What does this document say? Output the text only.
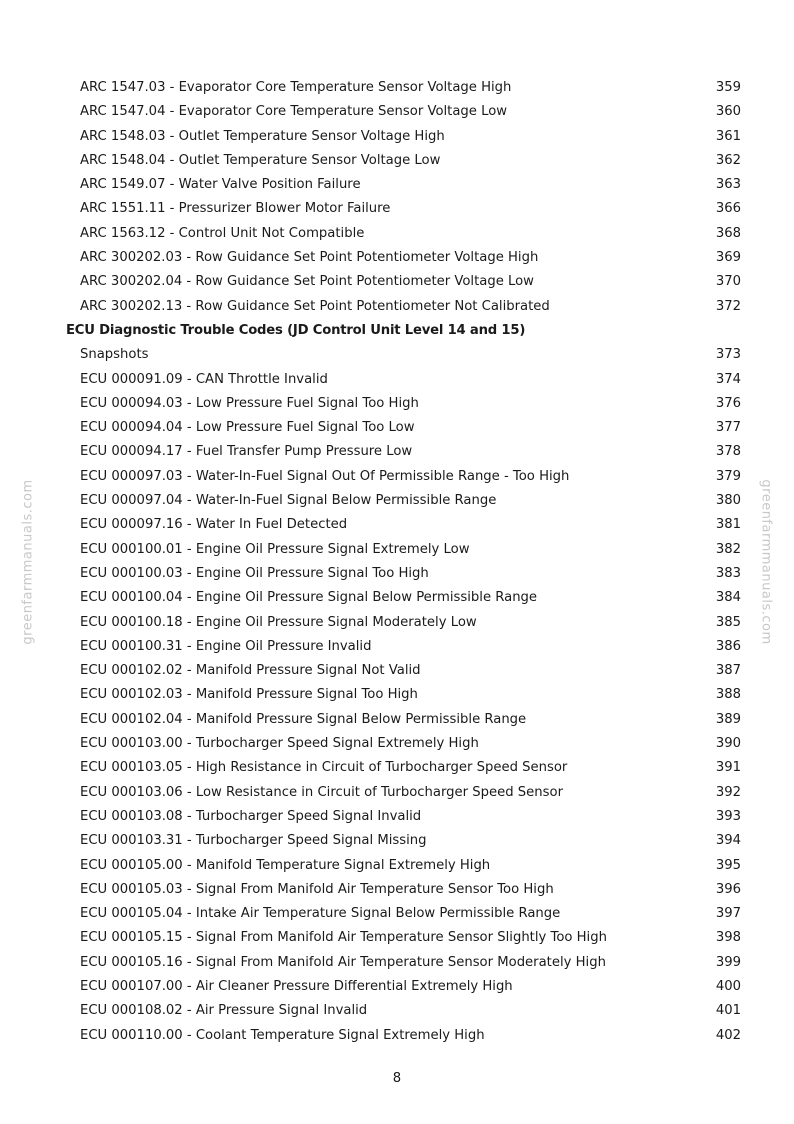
ARC 1547.03 - Evaporator Core Temperature Sensor Voltage High	359
ARC 1547.04 - Evaporator Core Temperature Sensor Voltage Low	360
ARC 1548.03 - Outlet Temperature Sensor Voltage High	361
ARC 1548.04 - Outlet Temperature Sensor Voltage Low	362
ARC 1549.07 - Water Valve Position Failure	363
ARC 1551.11 - Pressurizer Blower Motor Failure	366
ARC 1563.12 - Control Unit Not Compatible	368
ARC 300202.03 - Row Guidance Set Point Potentiometer Voltage High	369
ARC 300202.04 - Row Guidance Set Point Potentiometer Voltage Low	370
ARC 300202.13 - Row Guidance Set Point Potentiometer Not Calibrated	372
ECU Diagnostic Trouble Codes (JD Control Unit Level 14 and 15)
Snapshots	373
ECU 000091.09 - CAN Throttle Invalid	374
ECU 000094.03 - Low Pressure Fuel Signal Too High	376
ECU 000094.04 - Low Pressure Fuel Signal Too Low	377
ECU 000094.17 - Fuel Transfer Pump Pressure Low	378
ECU 000097.03 - Water-In-Fuel Signal Out Of Permissible Range - Too High	379
ECU 000097.04 - Water-In-Fuel Signal Below Permissible Range	380
ECU 000097.16 - Water In Fuel Detected	381
ECU 000100.01 - Engine Oil Pressure Signal Extremely Low	382
ECU 000100.03 - Engine Oil Pressure Signal Too High	383
ECU 000100.04 - Engine Oil Pressure Signal Below Permissible Range	384
ECU 000100.18 - Engine Oil Pressure Signal Moderately Low	385
ECU 000100.31 - Engine Oil Pressure Invalid	386
ECU 000102.02 - Manifold Pressure Signal Not Valid	387
ECU 000102.03 - Manifold Pressure Signal Too High	388
ECU 000102.04 - Manifold Pressure Signal Below Permissible Range	389
ECU 000103.00 - Turbocharger Speed Signal Extremely High	390
ECU 000103.05 - High Resistance in Circuit of Turbocharger Speed Sensor	391
ECU 000103.06 - Low Resistance in Circuit of Turbocharger Speed Sensor	392
ECU 000103.08 - Turbocharger Speed Signal Invalid	393
ECU 000103.31 - Turbocharger Speed Signal Missing	394
ECU 000105.00 - Manifold Temperature Signal Extremely High	395
ECU 000105.03 - Signal From Manifold Air Temperature Sensor Too High	396
ECU 000105.04 - Intake Air Temperature Signal Below Permissible Range	397
ECU 000105.15 - Signal From Manifold Air Temperature Sensor Slightly Too High	398
ECU 000105.16 - Signal From Manifold Air Temperature Sensor Moderately High	399
ECU 000107.00 - Air Cleaner Pressure Differential Extremely High	400
ECU 000108.02 - Air Pressure Signal Invalid	401
ECU 000110.00 - Coolant Temperature Signal Extremely High	402
8
greenfarmmanuals.com	greenfarmmanuals.com
